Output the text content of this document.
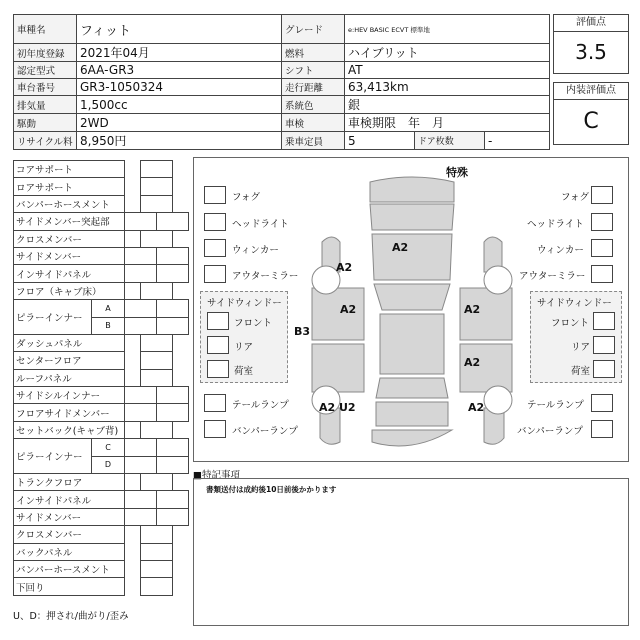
車種名	フィット	グレード	e:HEV BASIC ECVT 標準地		
初年度登録	2021年04月	燃料	ハイブリット		
認定型式	6AA-GR3	シフト	AT		
車台番号	GR3-1050324	走行距離	63,413km		
排気量	1,500cc	系統色	銀		
駆動	2WD	車検	車検期限　年　月		
リサイクル料	8,950円	乗車定員	5	ドア枚数	-
評価点
3.5
内装評価点
C
コアサポート					
ロアサポート					
バンパーホースメント					
サイドメンバー突起部					
クロスメンバー					
サイドメンバー					
インサイドパネル					
フロア（キャブ床）					
ピラーインナー	A				
	B				
ダッシュパネル					
センターフロア					
ルーフパネル					
サイドシルインナー					
フロアサイドメンバー					
セットバック(キャブ背)					
ピラーインナー	C				
	D				
トランクフロア					
インサイドパネル					
サイドメンバー					
クロスメンバー					
バックパネル					
バンパーホースメント					
下回り					
特殊
フォグ
ヘッドライト
ウィンカー
アウターミラー
フォグ
ヘッドライト
ウィンカー
アウターミラー
サイドウィンドー
フロント
リア
荷室
サイドウィンドー
フロント
リア
荷室
テールランプ
バンパーランプ
テールランプ
バンパーランプ
A2
A2
A2
B3
A2 U2
A2
A2
A2
■特記事項
書類送付は成約後10日前後かかります
U、D：押され/曲がり/歪み
